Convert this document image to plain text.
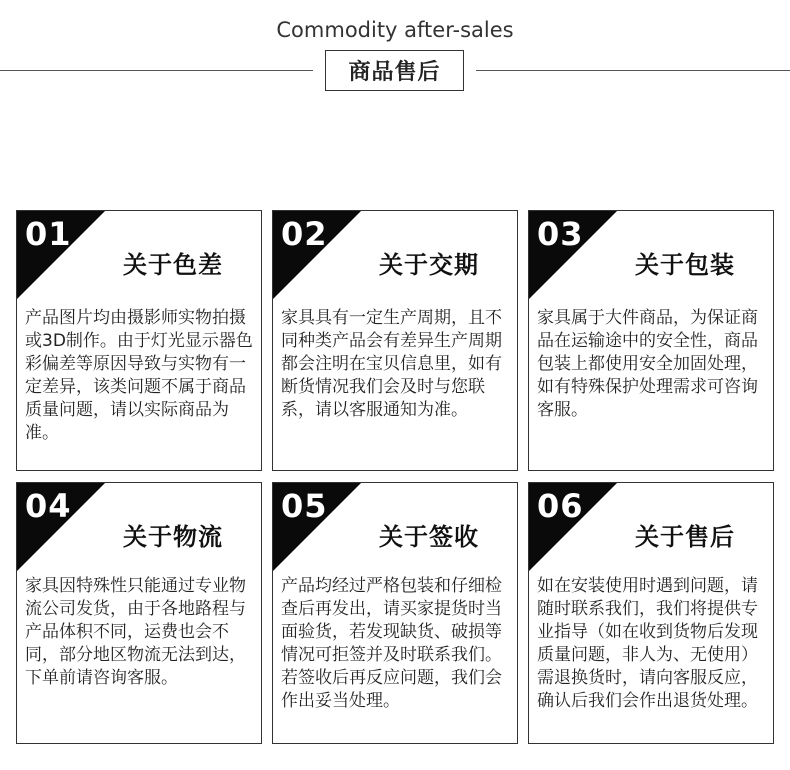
Commodity after-sales
商品售后
01
关于色差
产品图片均由摄影师实物拍摄或3D制作。由于灯光显示器色彩偏差等原因导致与实物有一定差异，该类问题不属于商品质量问题，请以实际商品为准。
02
关于交期
家具具有一定生产周期，且不同种类产品会有差异生产周期都会注明在宝贝信息里，如有断货情况我们会及时与您联系，请以客服通知为准。
03
关于包装
家具属于大件商品，为保证商品在运输途中的安全性，商品包装上都使用安全加固处理，如有特殊保护处理需求可咨询客服。
04
关于物流
家具因特殊性只能通过专业物流公司发货，由于各地路程与产品体积不同，运费也会不同，部分地区物流无法到达，下单前请咨询客服。
05
关于签收
产品均经过严格包装和仔细检查后再发出，请买家提货时当面验货，若发现缺货、破损等情况可拒签并及时联系我们。若签收后再反应问题，我们会作出妥当处理。
06
关于售后
如在安装使用时遇到问题，请随时联系我们，我们将提供专业指导（如在收到货物后发现质量问题，非人为、无使用）需退换货时，请向客服反应，确认后我们会作出退货处理。
